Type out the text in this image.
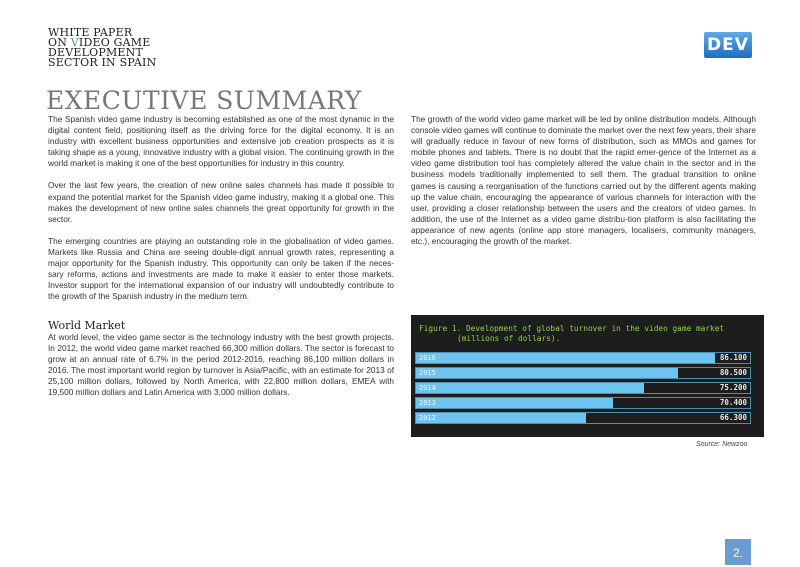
WHITE PAPER
ON VIDEO GAME
DEVELOPMENT
SECTOR IN SPAIN
DEV
EXECUTIVE SUMMARY

The Spanish video game industry is becoming established as one of the most dynamic in the digital content field, positioning itself as the driving force for the digital economy. It is an industry with excellent business opportunities and extensive job creation prospects as it is taking shape as a young, innovative industry with a global vision. The continuing growth in the world market is making it one of the best opportunities for industry in this country.

Over the last few years, the creation of new online sales channels has made it possible to expand the potential market for the Spanish video game industry, making it a global one. This makes the development of new online sales channels the great opportunity for growth in the sector.

The emerging countries are playing an outstanding role in the globalisation of video games. Markets like Russia and China are seeing double-digit annual growth rates, representing a major opportunity for the Spanish industry. This opportunity can only be taken if the neces-sary reforms, actions and investments are made to make it easier to enter those markets. Investor support for the international expansion of our industry will undoubtedly contribute to the growth of the Spanish industry in the medium term.

World Market
At world level, the video game sector is the technology industry with the best growth projects. In 2012, the world video game market reached 66,300 million dollars. The sector is forecast to grow at an annual rate of 6.7% in the period 2012-2016, reaching 86,100 million dollars in 2016. The most important world region by turnover is Asia/Pacific, with an estimate for 2013 of 25,100 million dollars, followed by North America, with 22,800 million dollars, EMEA with 19,500 million dollars and Latin America with 3,000 million dollars.

The growth of the world video game market will be led by online distribution models. Although console video games will continue to dominate the market over the next few years, their share will gradually reduce in favour of new forms of distribution, such as MMOs and games for mobile phones and tablets. There is no doubt that the rapid emer-gence of the Internet as a video game distribution tool has completely altered the value chain in the sector and in the business models traditionally implemented to sell them. The gradual transition to online games is causing a reorganisation of the functions carried out by the different agents making up the value chain, encouraging the appearance of various channels for interaction with the user, providing a closer relationship between the users and the creators of video games. In addition, the use of the Internet as a video game distribu-tion platform is also facilitating the appearance of new agents (online app store managers, localisers, community managers, etc.), encouraging the growth of the market.

Figure 1. Development of global turnover in the video game market
(millions of dollars).
2016	86.100
2015	80.500
2014	75.200
2013	70.400
2012	66.300
Source: Newzoo
2.
